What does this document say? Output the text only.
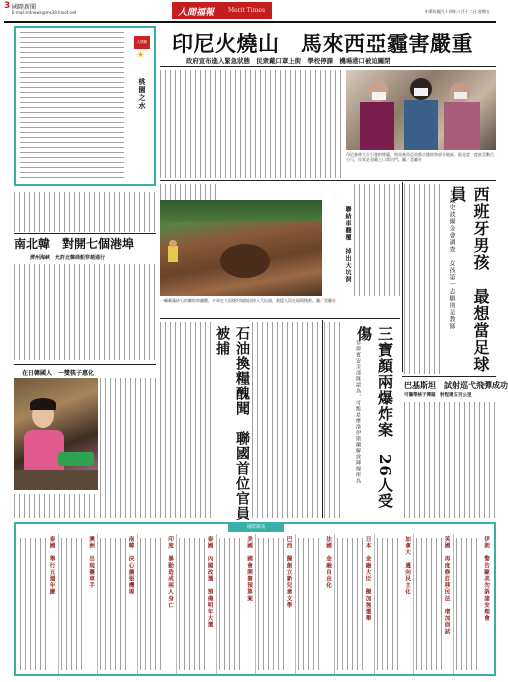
3 國際新聞
E-mail:mtnews@ms39.hinet.net	人間福報 Merit Times	中華民國九十四年八月十二日 星期五
人間紫
☀
桃園之水
南北韓　對開七個港埠
濟州海峽　允許北韓商船穿越通行
在日韓國人　一雙筷子惠化
印尼火燒山　馬來西亞霾害嚴重
政府宣布進入緊急狀態　民衆戴口罩上街　學校停課　機場港口被迫關閉
印尼森林大火引發的煙霾，致馬來西亞首都吉隆坡和部分地區，能見度一度低至數百公尺，民眾必須戴上口罩出門。圖／美聯社
聯結車翻覆　掉出大坑洞
一輛載滿砂石的聯結車翻覆，卡車在大雨後坍塌路段掉入大坑洞，救援人員在現場搜救。圖／美聯社	西班牙男孩　最想當足球員
艾波史波爾金會調查　女孩第一志願則是教師
石油換糧醜聞　聯國首位官員被捕	三寶顏兩爆炸案　26人受傷
菲律賓安全部隊認為，可能是摩洛伊斯蘭解放陣線所為	巴基斯坦　試射巡弋飛彈成功
可攜帶核子彈頭　射程達五百公里
國際簡訊
伊朗　警告歐美勿訴諸安理會
英國　再度修訂移民法　增加面試
加拿大　邁向民主化
日本　金融大臣　擬加強選舉
法國　金融自由化
巴西　擬創立新兒童文學
美國　國會開審預算案
泰國　內閣改選　預備明年大選
印度　暴動造成兩人身亡
南韓　決心擴張機場
澳洲　出現賽車手
泰國　舉行五週年慶
